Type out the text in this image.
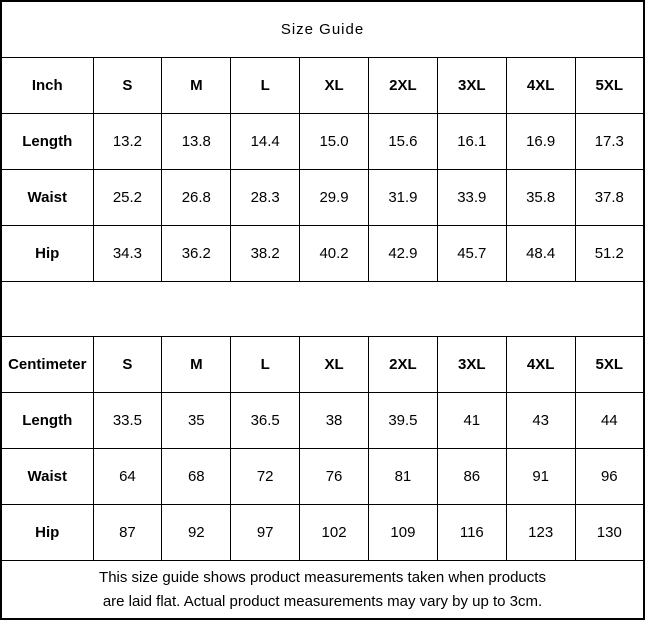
Size Guide								
Inch	S	M	L	XL	2XL	3XL	4XL	5XL
Length	13.2	13.8	14.4	15.0	15.6	16.1	16.9	17.3
Waist	25.2	26.8	28.3	29.9	31.9	33.9	35.8	37.8
Hip	34.3	36.2	38.2	40.2	42.9	45.7	48.4	51.2

Centimeter	S	M	L	XL	2XL	3XL	4XL	5XL
Length	33.5	35	36.5	38	39.5	41	43	44
Waist	64	68	72	76	81	86	91	96
Hip	87	92	97	102	109	116	123	130

This size guide shows product measurements taken when products
are laid flat. Actual product measurements may vary by up to 3cm.								
